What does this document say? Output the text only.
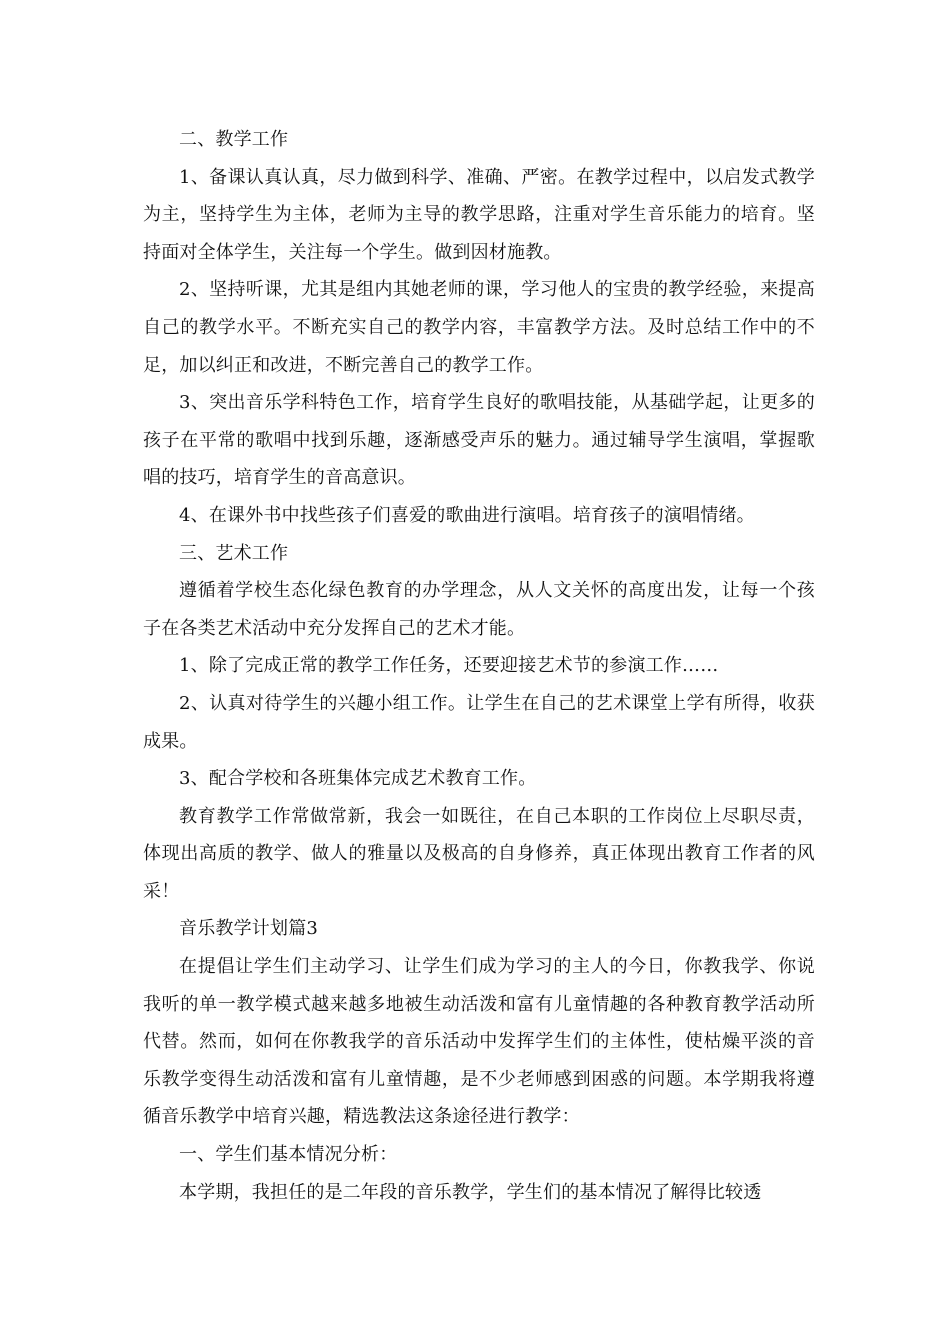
二、教学工作

1、备课认真认真，尽力做到科学、准确、严密。在教学过程中，以启发式教学为主，坚持学生为主体，老师为主导的教学思路，注重对学生音乐能力的培育。坚持面对全体学生，关注每一个学生。做到因材施教。

2、坚持听课，尤其是组内其她老师的课，学习他人的宝贵的教学经验，来提高自己的教学水平。不断充实自己的教学内容，丰富教学方法。及时总结工作中的不足，加以纠正和改进，不断完善自己的教学工作。

3、突出音乐学科特色工作，培育学生良好的歌唱技能，从基础学起，让更多的孩子在平常的歌唱中找到乐趣，逐渐感受声乐的魅力。通过辅导学生演唱，掌握歌唱的技巧，培育学生的音高意识。

4、在课外书中找些孩子们喜爱的歌曲进行演唱。培育孩子的演唱情绪。

三、艺术工作

遵循着学校生态化绿色教育的办学理念，从人文关怀的高度出发，让每一个孩子在各类艺术活动中充分发挥自己的艺术才能。

1、除了完成正常的教学工作任务，还要迎接艺术节的参演工作……

2、认真对待学生的兴趣小组工作。让学生在自己的艺术课堂上学有所得，收获成果。

3、配合学校和各班集体完成艺术教育工作。

教育教学工作常做常新，我会一如既往，在自己本职的工作岗位上尽职尽责，体现出高质的教学、做人的雅量以及极高的自身修养，真正体现出教育工作者的风采！

音乐教学计划篇3

在提倡让学生们主动学习、让学生们成为学习的主人的今日，你教我学、你说我听的单一教学模式越来越多地被生动活泼和富有儿童情趣的各种教育教学活动所代替。然而，如何在你教我学的音乐活动中发挥学生们的主体性，使枯燥平淡的音乐教学变得生动活泼和富有儿童情趣，是不少老师感到困惑的问题。本学期我将遵循音乐教学中培育兴趣，精选教法这条途径进行教学：

一、学生们基本情况分析：

本学期，我担任的是二年段的音乐教学，学生们的基本情况了解得比较透
